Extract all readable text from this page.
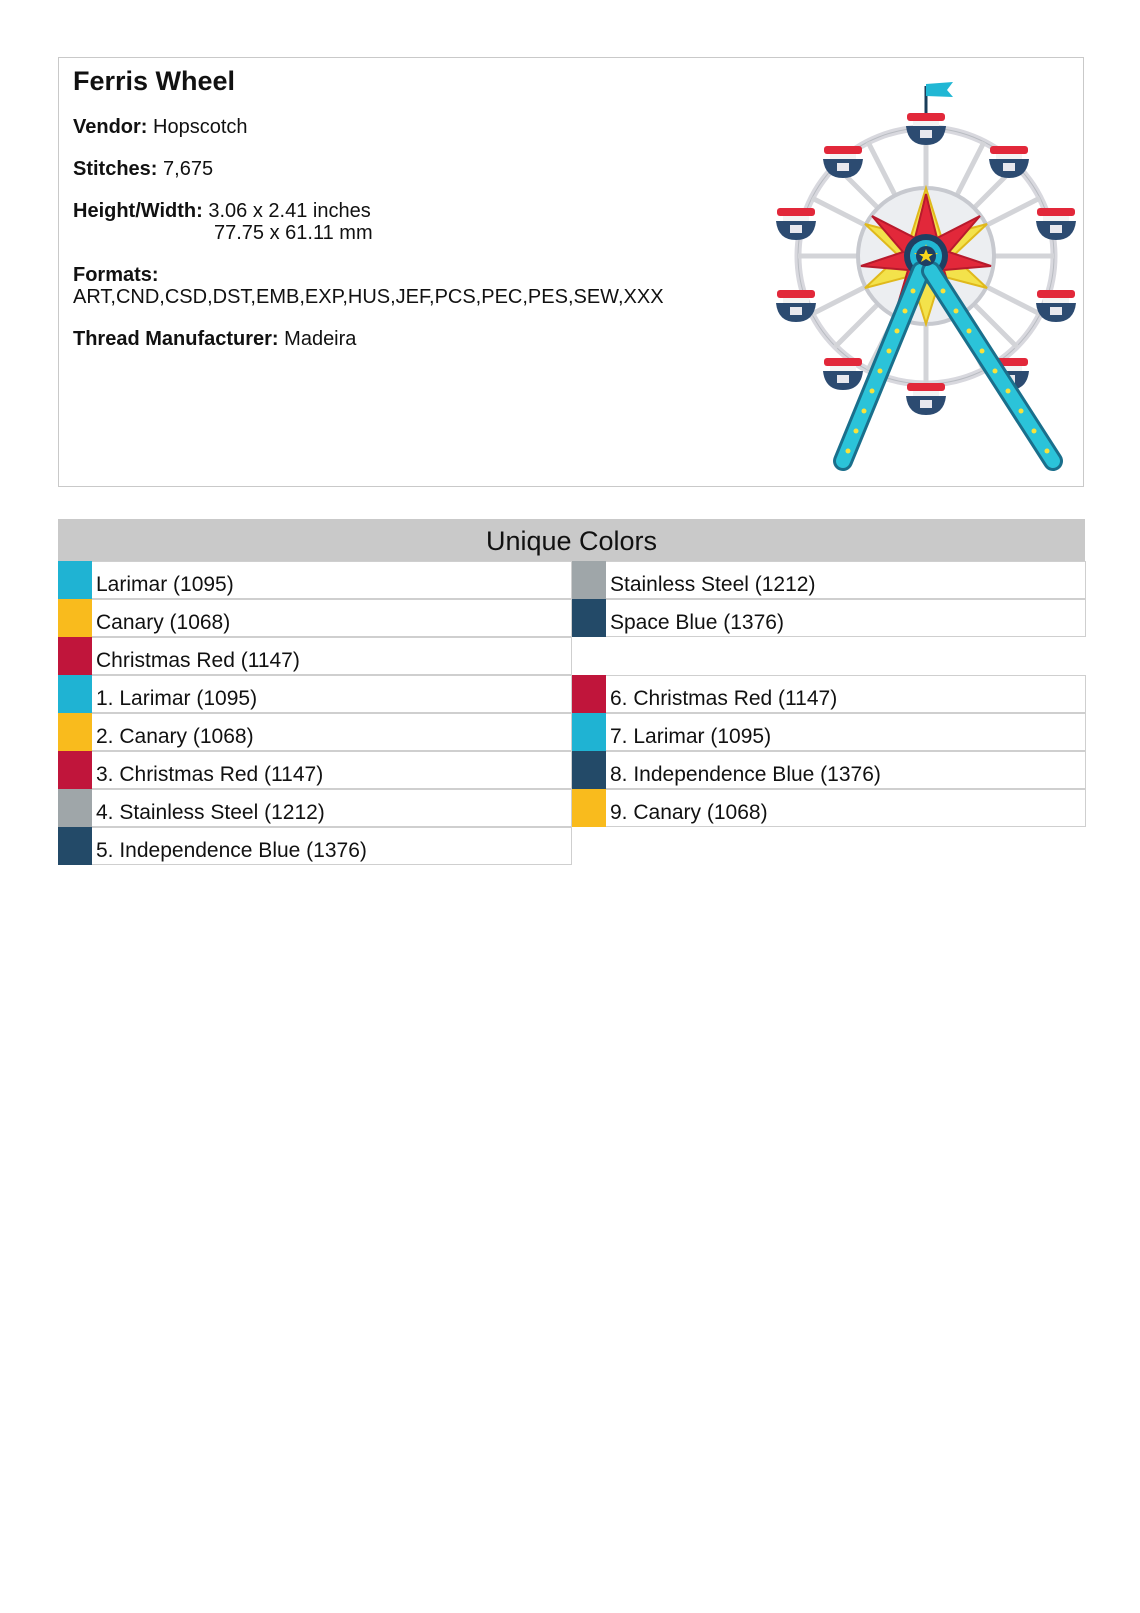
Ferris Wheel
Vendor: Hopscotch
Stitches: 7,675
Height/Width: 3.06 x 2.41 inches
77.75 x 61.11 mm
Formats:
ART,CND,CSD,DST,EMB,EXP,HUS,JEF,PCS,PEC,PES,SEW,XXX
Thread Manufacturer: Madeira
Unique Colors
Larimar (1095)
Canary (1068)
Christmas Red (1147)
1. Larimar (1095)
2. Canary (1068)
3. Christmas Red (1147)
4. Stainless Steel (1212)
5. Independence Blue (1376)
Stainless Steel (1212)
Space Blue (1376)
6. Christmas Red (1147)
7. Larimar (1095)
8. Independence Blue (1376)
9. Canary (1068)
